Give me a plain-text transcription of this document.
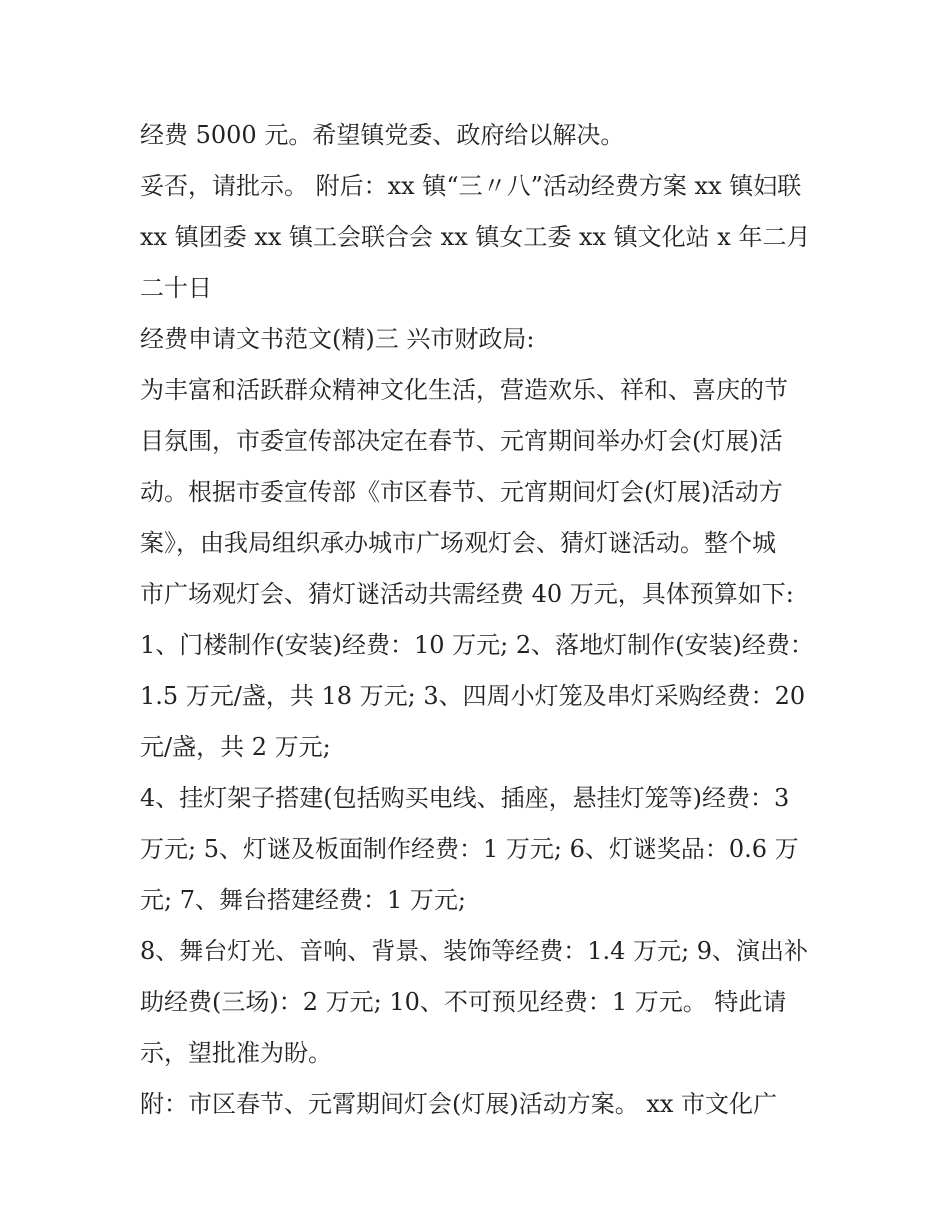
经费 5000 元。希望镇党委、政府给以解决。
妥否，请批示。 附后：xx 镇“三〃八”活动经费方案 xx 镇妇联
xx 镇团委 xx 镇工会联合会 xx 镇女工委 xx 镇文化站 x 年二月
二十日
经费申请文书范文(精)三 兴市财政局:
为丰富和活跃群众精神文化生活，营造欢乐、祥和、喜庆的节
目氛围，市委宣传部决定在春节、元宵期间举办灯会(灯展)活
动。根据市委宣传部《市区春节、元宵期间灯会(灯展)活动方
案》，由我局组织承办城市广场观灯会、猜灯谜活动。整个城
市广场观灯会、猜灯谜活动共需经费 40 万元，具体预算如下:
1、门楼制作(安装)经费：10 万元; 2、落地灯制作(安装)经费：
1.5 万元/盏，共 18 万元; 3、四周小灯笼及串灯采购经费：20
元/盏，共 2 万元;
4、挂灯架子搭建(包括购买电线、插座，悬挂灯笼等)经费：3
万元; 5、灯谜及板面制作经费：1 万元; 6、灯谜奖品：0.6 万
元; 7、舞台搭建经费：1 万元;
8、舞台灯光、音响、背景、装饰等经费：1.4 万元; 9、演出补
助经费(三场)：2 万元; 10、不可预见经费：1 万元。 特此请
示，望批准为盼。
附：市区春节、元霄期间灯会(灯展)活动方案。 xx 市文化广
